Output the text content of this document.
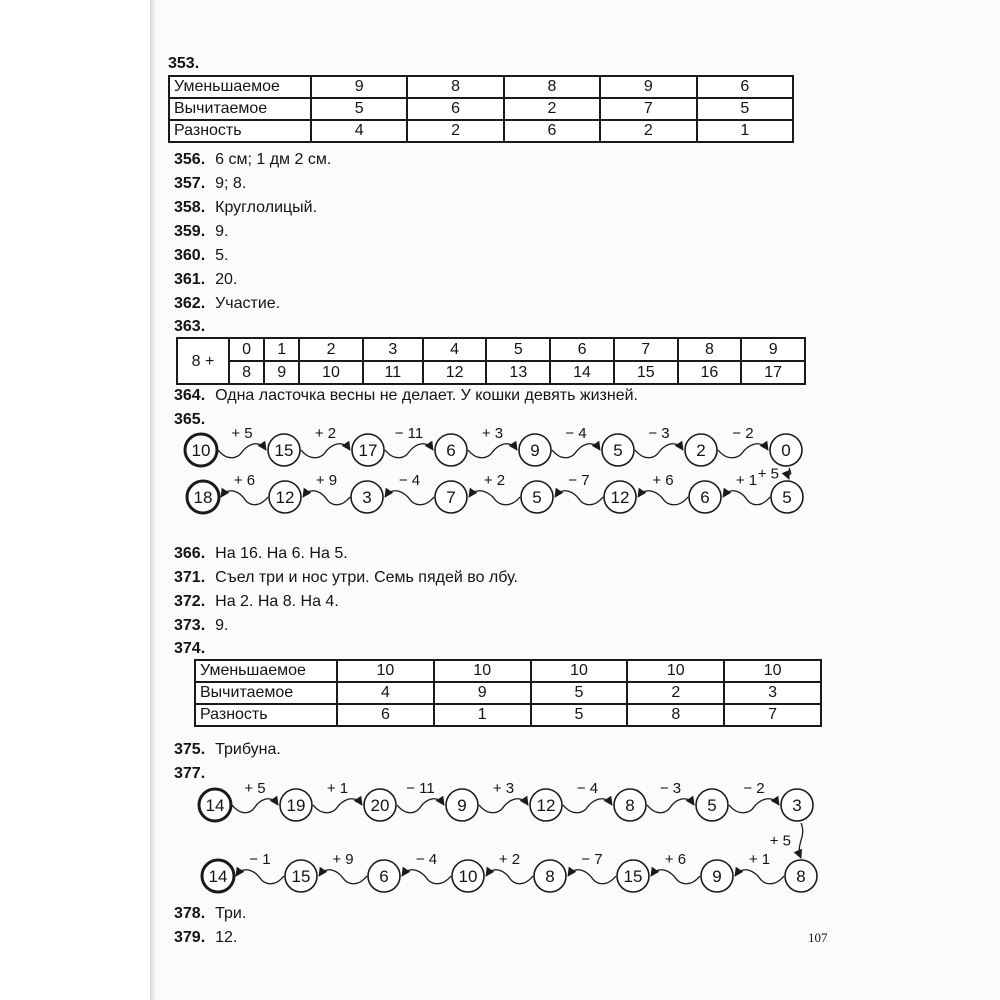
353.
Уменьшаемое	9	8	8	9	6
Вычитаемое	5	6	2	7	5
Разность	4	2	6	2	1
356. 6 см; 1 дм 2 см.
357. 9; 8.
358. Круглолицый.
359. 9.
360. 5.
361. 20.
362. Участие.
363.
8 +	0	1	2	3	4	5	6	7	8	9
	8	9	10	11	12	13	14	15	16	17
364. Одна ласточка весны не делает. У кошки девять жизней.
365.
366. На 16. На 6. На 5.
371. Съел три и нос утри. Семь пядей во лбу.
372. На 2. На 8. На 4.
373. 9.
374.
Уменьшаемое	10	10	10	10	10
Вычитаемое	4	9	5	2	3
Разность	6	1	5	8	7
375. Трибуна.
377.
378. Три.
379. 12.	107
+ 5	+ 2	− 11	+ 3	− 4	− 3	− 2
+ 5
+ 1
+ 6
− 7
+ 2
− 4
+ 9
+ 6
10	15	17	6	9	5	2	0
5
6
12
5
7
3
12
18
+ 5	+ 1	− 11	+ 3	− 4	− 3	− 2
+ 5
+ 1
+ 6
− 7
+ 2
− 4
+ 9
− 1
14	19	20	9	12	8	5	3
8
9
15
8
10
6
15
14
